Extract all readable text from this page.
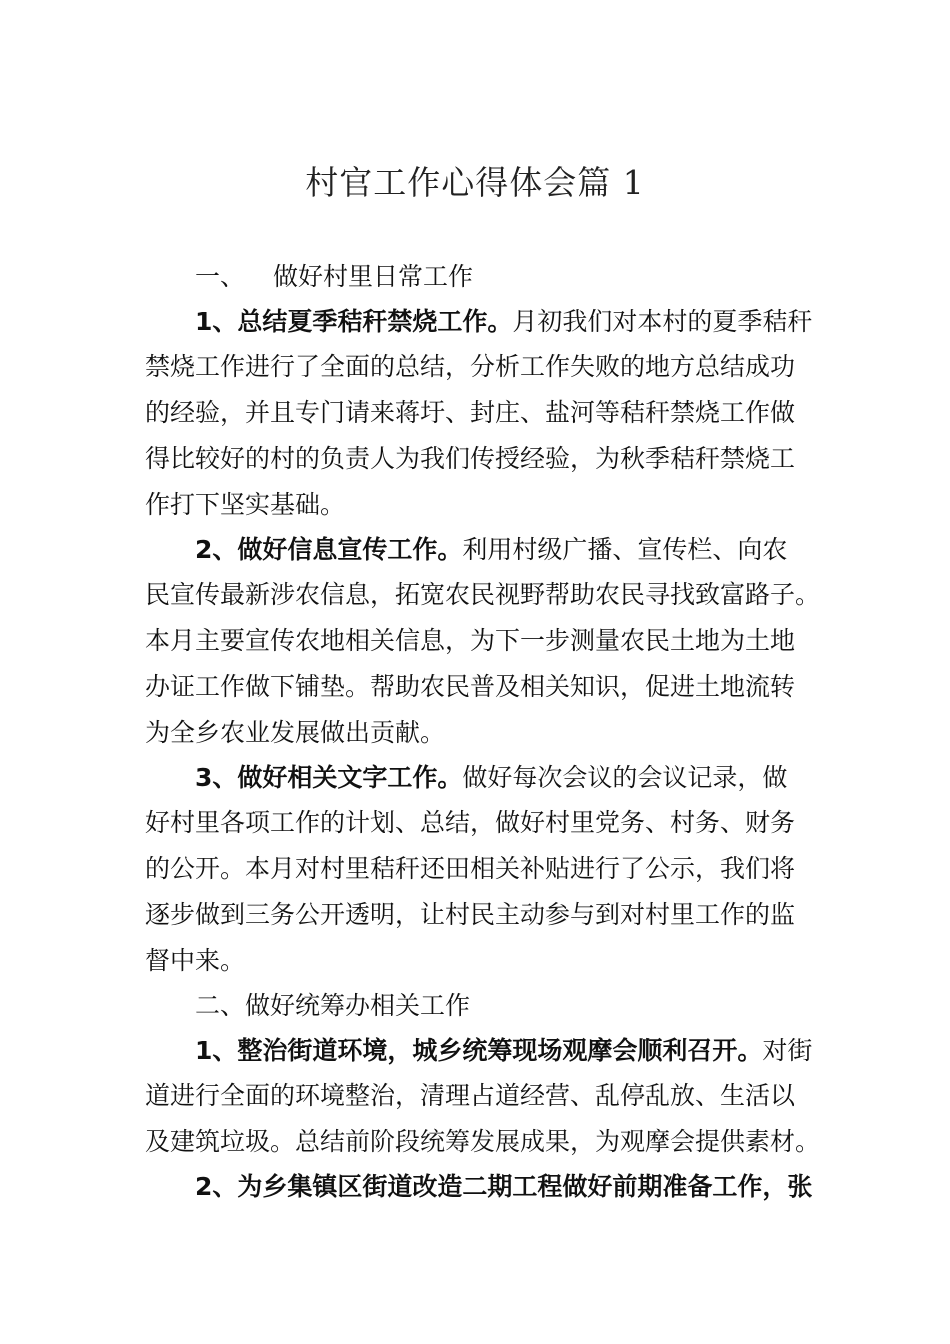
村官工作心得体会篇 1
一、 做好村里日常工作
1、总结夏季秸秆禁烧工作。月初我们对本村的夏季秸秆
禁烧工作进行了全面的总结，分析工作失败的地方总结成功
的经验，并且专门请来蒋圩、封庄、盐河等秸秆禁烧工作做
得比较好的村的负责人为我们传授经验，为秋季秸秆禁烧工
作打下坚实基础。
2、做好信息宣传工作。利用村级广播、宣传栏、向农
民宣传最新涉农信息，拓宽农民视野帮助农民寻找致富路子。
本月主要宣传农地相关信息，为下一步测量农民土地为土地
办证工作做下铺垫。帮助农民普及相关知识，促进土地流转
为全乡农业发展做出贡献。
3、做好相关文字工作。做好每次会议的会议记录，做
好村里各项工作的计划、总结，做好村里党务、村务、财务
的公开。本月对村里秸秆还田相关补贴进行了公示，我们将
逐步做到三务公开透明，让村民主动参与到对村里工作的监
督中来。
二、做好统筹办相关工作
1、整治街道环境，城乡统筹现场观摩会顺利召开。对街
道进行全面的环境整治，清理占道经营、乱停乱放、生活以
及建筑垃圾。总结前阶段统筹发展成果，为观摩会提供素材。
2、为乡集镇区街道改造二期工程做好前期准备工作，张
